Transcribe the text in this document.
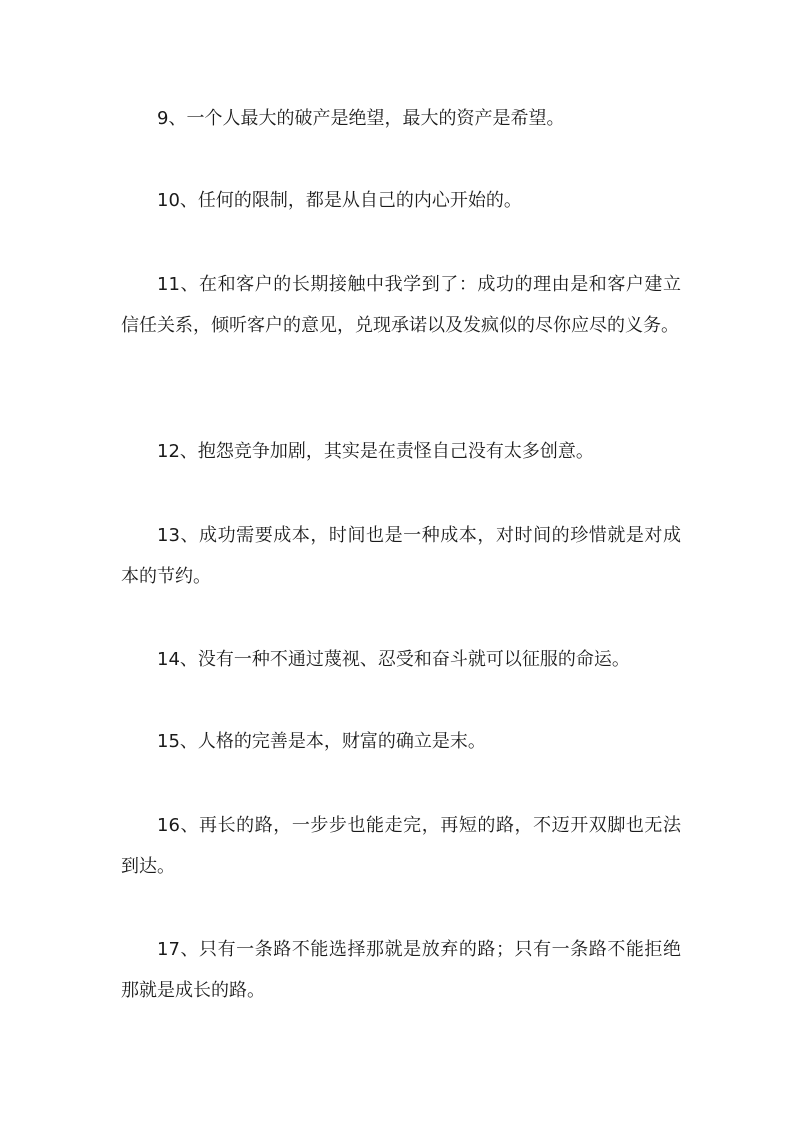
9、一个人最大的破产是绝望，最大的资产是希望。

10、任何的限制，都是从自己的内心开始的。

11、在和客户的长期接触中我学到了：成功的理由是和客户建立信任关系，倾听客户的意见，兑现承诺以及发疯似的尽你应尽的义务。

12、抱怨竞争加剧，其实是在责怪自己没有太多创意。

13、成功需要成本，时间也是一种成本，对时间的珍惜就是对成本的节约。

14、没有一种不通过蔑视、忍受和奋斗就可以征服的命运。

15、人格的完善是本，财富的确立是末。

16、再长的路，一步步也能走完，再短的路，不迈开双脚也无法到达。

17、只有一条路不能选择那就是放弃的路；只有一条路不能拒绝那就是成长的路。
